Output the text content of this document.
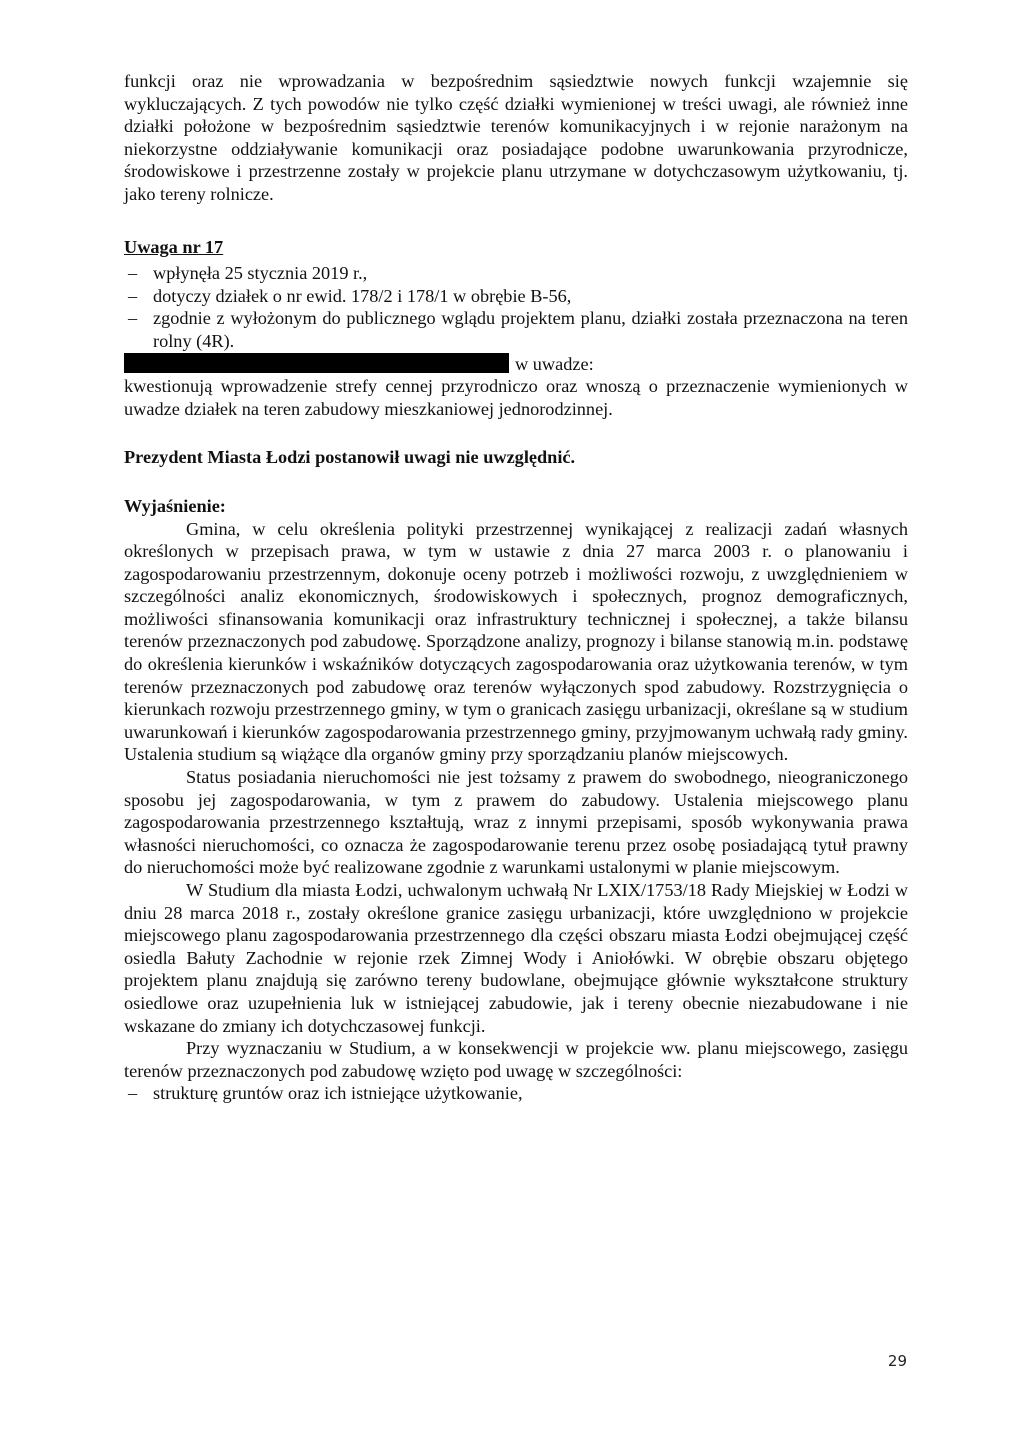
funkcji oraz nie wprowadzania w bezpośrednim sąsiedztwie nowych funkcji wzajemnie się wykluczających. Z tych powodów nie tylko część działki wymienionej w treści uwagi, ale również inne działki położone w bezpośrednim sąsiedztwie terenów komunikacyjnych i w rejonie narażonym na niekorzystne oddziaływanie komunikacji oraz posiadające podobne uwarunkowania przyrodnicze, środowiskowe i przestrzenne zostały w projekcie planu utrzymane w dotychczasowym użytkowaniu, tj. jako tereny rolnicze.

Uwaga nr 17
– wpłynęła 25 stycznia 2019 r.,
– dotyczy działek o nr ewid. 178/2 i 178/1 w obrębie B-56,
– zgodnie z wyłożonym do publicznego wglądu projektem planu, działki została przeznaczona na teren rolny (4R).
w uwadze:

kwestionują wprowadzenie strefy cennej przyrodniczo oraz wnoszą o przeznaczenie wymienionych w uwadze działek na teren zabudowy mieszkaniowej jednorodzinnej.

Prezydent Miasta Łodzi postanowił uwagi nie uwzględnić.

Wyjaśnienie:

Gmina, w celu określenia polityki przestrzennej wynikającej z realizacji zadań własnych określonych w przepisach prawa, w tym w ustawie z dnia 27 marca 2003 r. o planowaniu i zagospodarowaniu przestrzennym, dokonuje oceny potrzeb i możliwości rozwoju, z uwzględnieniem w szczególności analiz ekonomicznych, środowiskowych i społecznych, prognoz demograficznych, możliwości sfinansowania komunikacji oraz infrastruktury technicznej i społecznej, a także bilansu terenów przeznaczonych pod zabudowę. Sporządzone analizy, prognozy i bilanse stanowią m.in. podstawę do określenia kierunków i wskaźników dotyczących zagospodarowania oraz użytkowania terenów, w tym terenów przeznaczonych pod zabudowę oraz terenów wyłączonych spod zabudowy. Rozstrzygnięcia o kierunkach rozwoju przestrzennego gminy, w tym o granicach zasięgu urbanizacji, określane są w studium uwarunkowań i kierunków zagospodarowania przestrzennego gminy, przyjmowanym uchwałą rady gminy. Ustalenia studium są wiążące dla organów gminy przy sporządzaniu planów miejscowych.

Status posiadania nieruchomości nie jest tożsamy z prawem do swobodnego, nieograniczonego sposobu jej zagospodarowania, w tym z prawem do zabudowy. Ustalenia miejscowego planu zagospodarowania przestrzennego kształtują, wraz z innymi przepisami, sposób wykonywania prawa własności nieruchomości, co oznacza że zagospodarowanie terenu przez osobę posiadającą tytuł prawny do nieruchomości może być realizowane zgodnie z warunkami ustalonymi w planie miejscowym.

W Studium dla miasta Łodzi, uchwalonym uchwałą Nr LXIX/1753/18 Rady Miejskiej w Łodzi w dniu 28 marca 2018 r., zostały określone granice zasięgu urbanizacji, które uwzględniono w projekcie miejscowego planu zagospodarowania przestrzennego dla części obszaru miasta Łodzi obejmującej część osiedla Bałuty Zachodnie w rejonie rzek Zimnej Wody i Aniołówki. W obrębie obszaru objętego projektem planu znajdują się zarówno tereny budowlane, obejmujące głównie wykształcone struktury osiedlowe oraz uzupełnienia luk w istniejącej zabudowie, jak i tereny obecnie niezabudowane i nie wskazane do zmiany ich dotychczasowej funkcji.

Przy wyznaczaniu w Studium, a w konsekwencji w projekcie ww. planu miejscowego, zasięgu terenów przeznaczonych pod zabudowę wzięto pod uwagę w szczególności:

– strukturę gruntów oraz ich istniejące użytkowanie,
29
